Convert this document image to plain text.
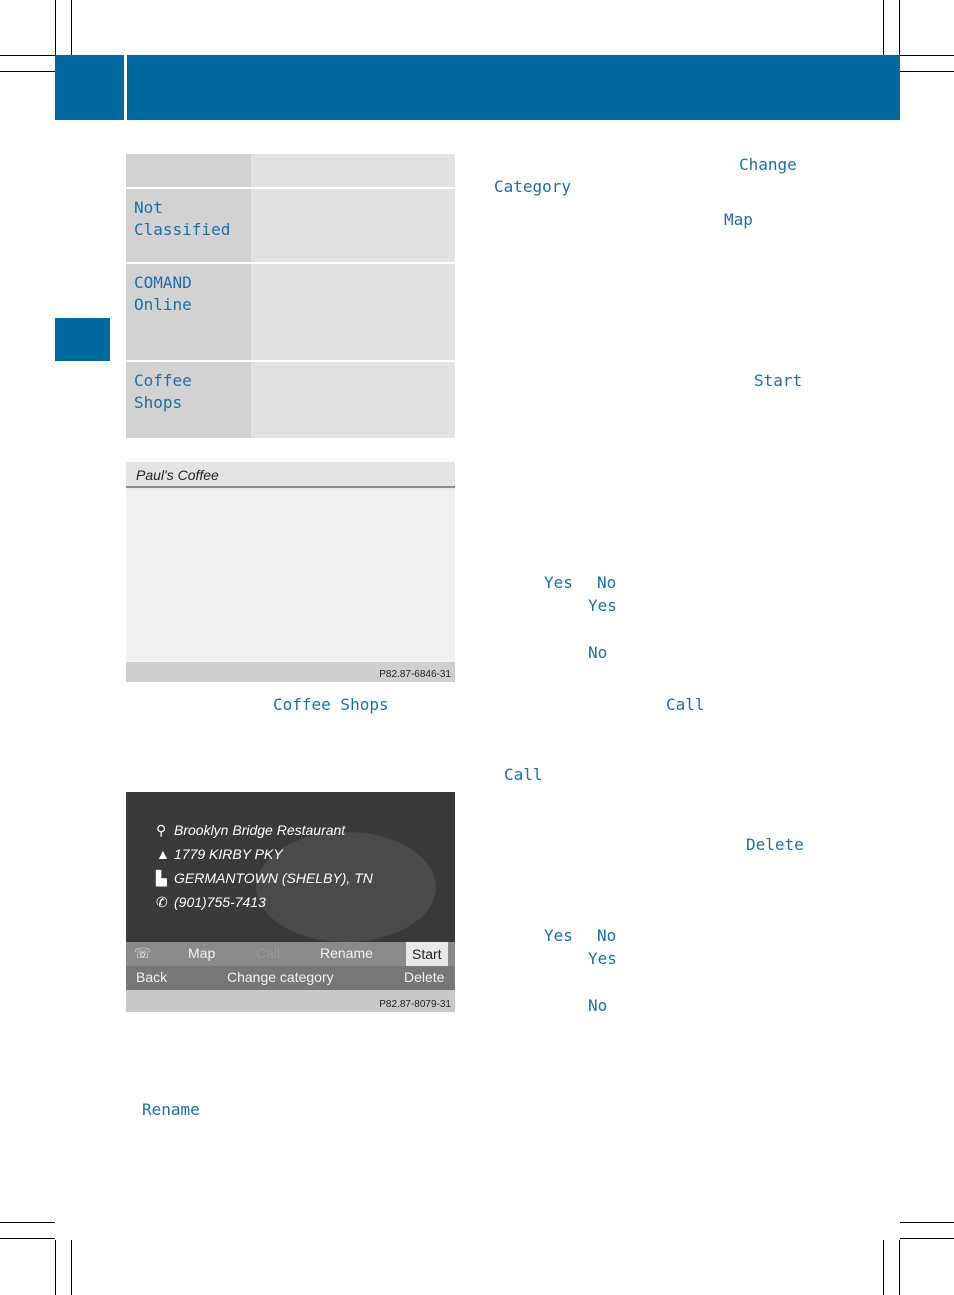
Not
Classified
COMAND
Online
Coffee Shops
Paul's Coffee
P82.87-6846-31
Coffee Shops
⚲ Brooklyn Bridge Restaurant
▲ 1779 KIRBY PKY
▙ GERMANTOWN (SHELBY), TN
✆ (901)755-7413
☏	Map	Call	Rename	Start
Back	Change category	Delete
P82.87-8079-31
Rename
Change
Category
Map
Start
Yes No
Yes
No
Call
Call
Delete
Yes No
Yes
No
